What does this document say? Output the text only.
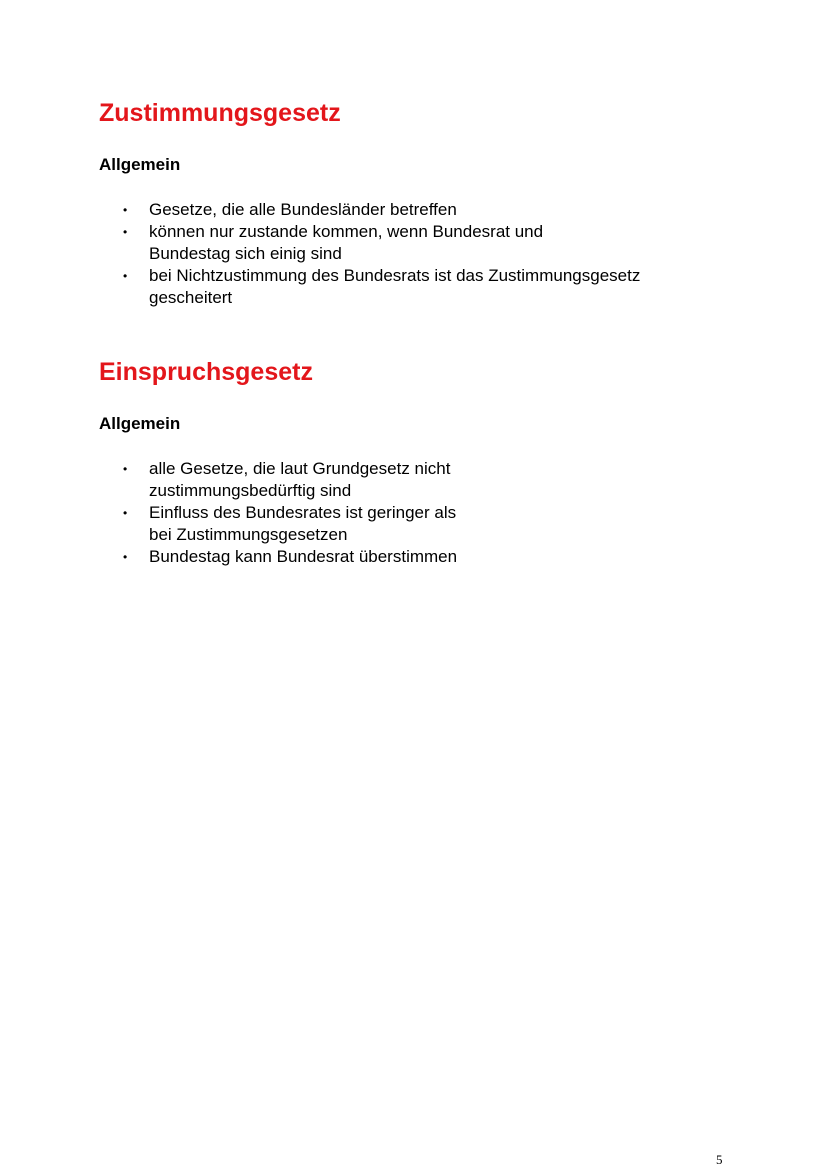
Zustimmungsgesetz
Allgemein
• Gesetze, die alle Bundesländer betreffen
• können nur zustande kommen, wenn Bundesrat und
Bundestag sich einig sind
• bei Nichtzustimmung des Bundesrats ist das Zustimmungsgesetz
gescheitert
Einspruchsgesetz
Allgemein
• alle Gesetze, die laut Grundgesetz nicht
zustimmungsbedürftig sind
• Einfluss des Bundesrates ist geringer als
bei Zustimmungsgesetzen
• Bundestag kann Bundesrat überstimmen
5
